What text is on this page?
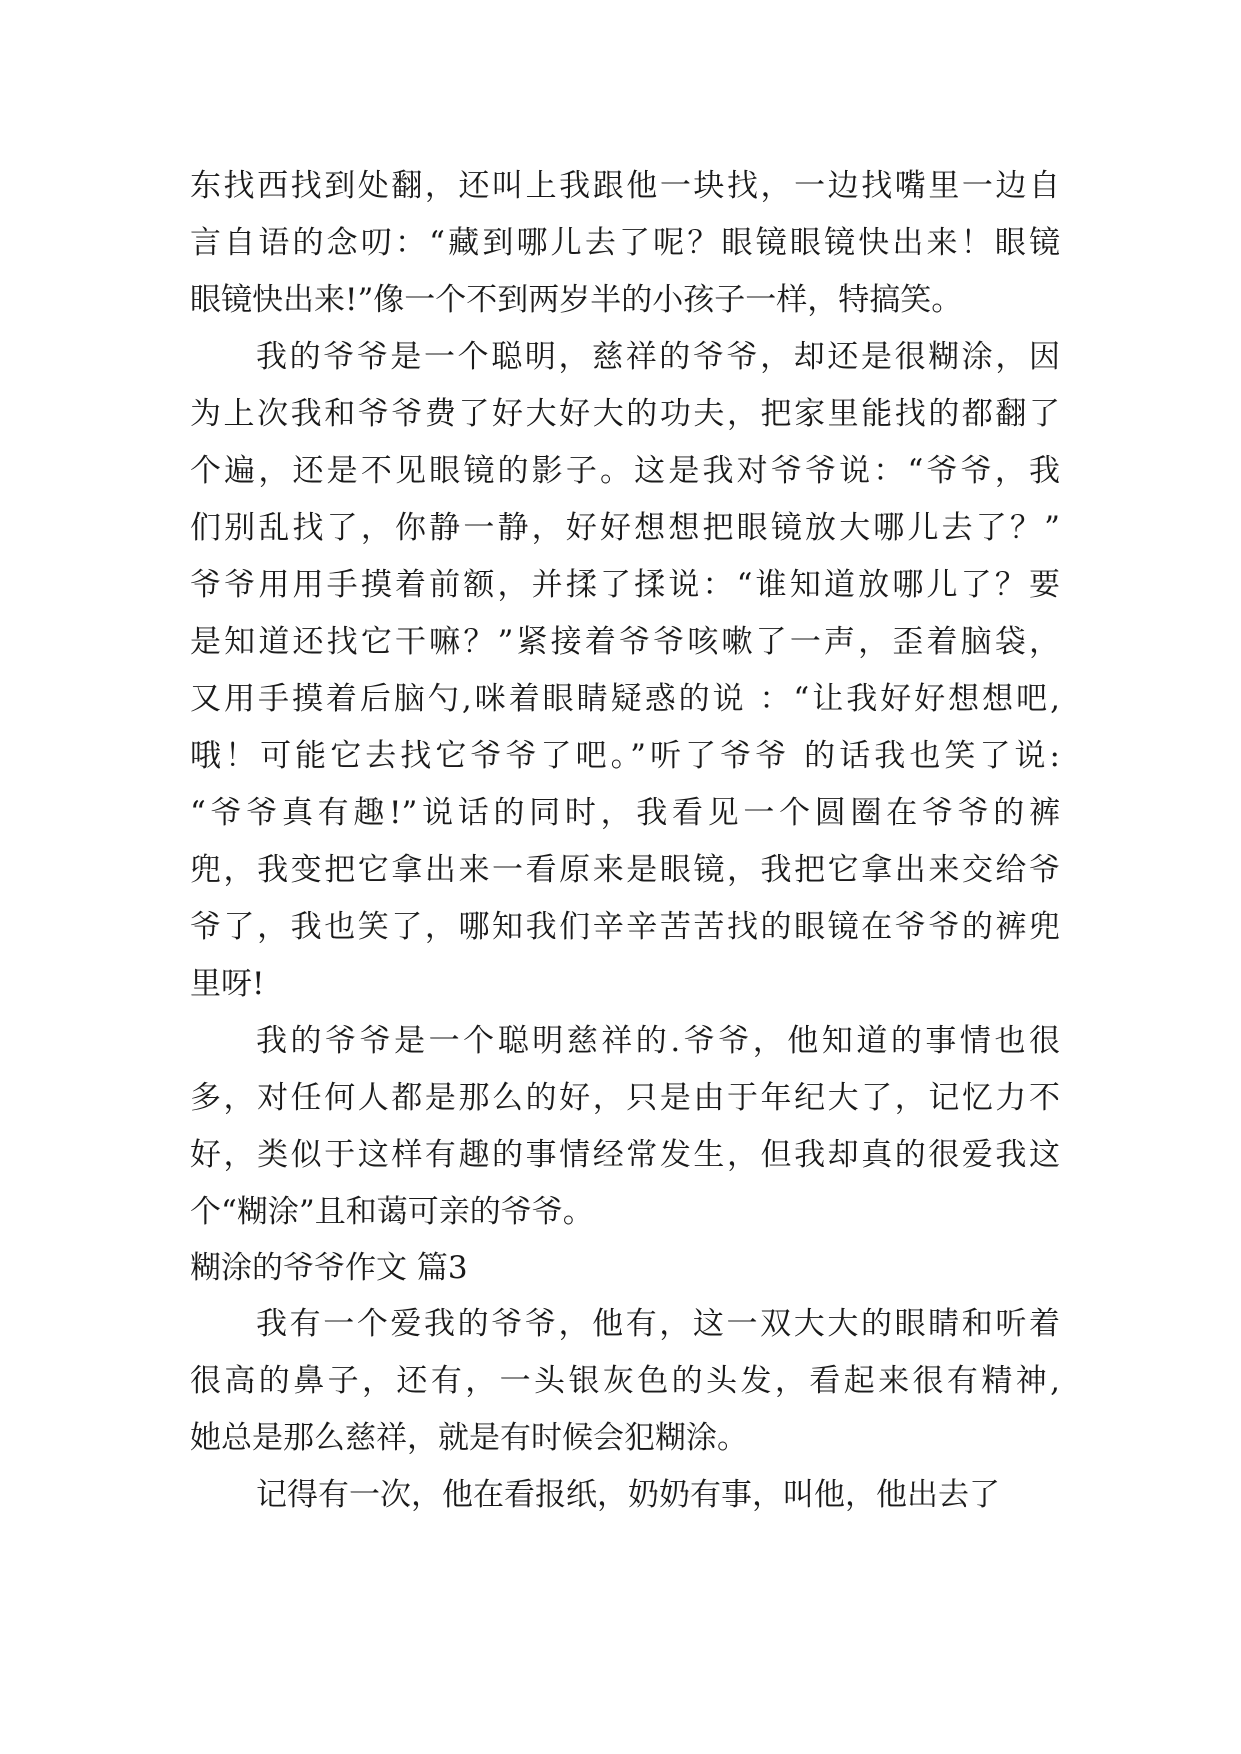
东找西找到处翻，还叫上我跟他一块找，一边找嘴里一边自
言自语的念叨：“藏到哪儿去了呢？眼镜眼镜快出来！眼镜
眼镜快出来!”像一个不到两岁半的小孩子一样，特搞笑。
我的爷爷是一个聪明，慈祥的爷爷，却还是很糊涂，因
为上次我和爷爷费了好大好大的功夫，把家里能找的都翻了
个遍，还是不见眼镜的影子。这是我对爷爷说：“爷爷，我
们别乱找了，你静一静，好好想想把眼镜放大哪儿去了？”
爷爷用用手摸着前额，并揉了揉说：“谁知道放哪儿了？要
是知道还找它干嘛？”紧接着爷爷咳嗽了一声，歪着脑袋，
又用手摸着后脑勺,咪着眼睛疑惑的说 ：“让我好好想想吧,
哦！可能它去找它爷爷了吧。”听了爷爷 的话我也笑了说:
“爷爷真有趣!”说话的同时，我看见一个圆圈在爷爷的裤
兜，我变把它拿出来一看原来是眼镜，我把它拿出来交给爷
爷了，我也笑了，哪知我们辛辛苦苦找的眼镜在爷爷的裤兜
里呀!
我的爷爷是一个聪明慈祥的.爷爷，他知道的事情也很
多，对任何人都是那么的好，只是由于年纪大了，记忆力不
好，类似于这样有趣的事情经常发生，但我却真的很爱我这
个“糊涂”且和蔼可亲的爷爷。
糊涂的爷爷作文 篇3
我有一个爱我的爷爷，他有，这一双大大的眼睛和听着
很高的鼻子，还有，一头银灰色的头发，看起来很有精神,
她总是那么慈祥，就是有时候会犯糊涂。
记得有一次，他在看报纸，奶奶有事，叫他，他出去了
